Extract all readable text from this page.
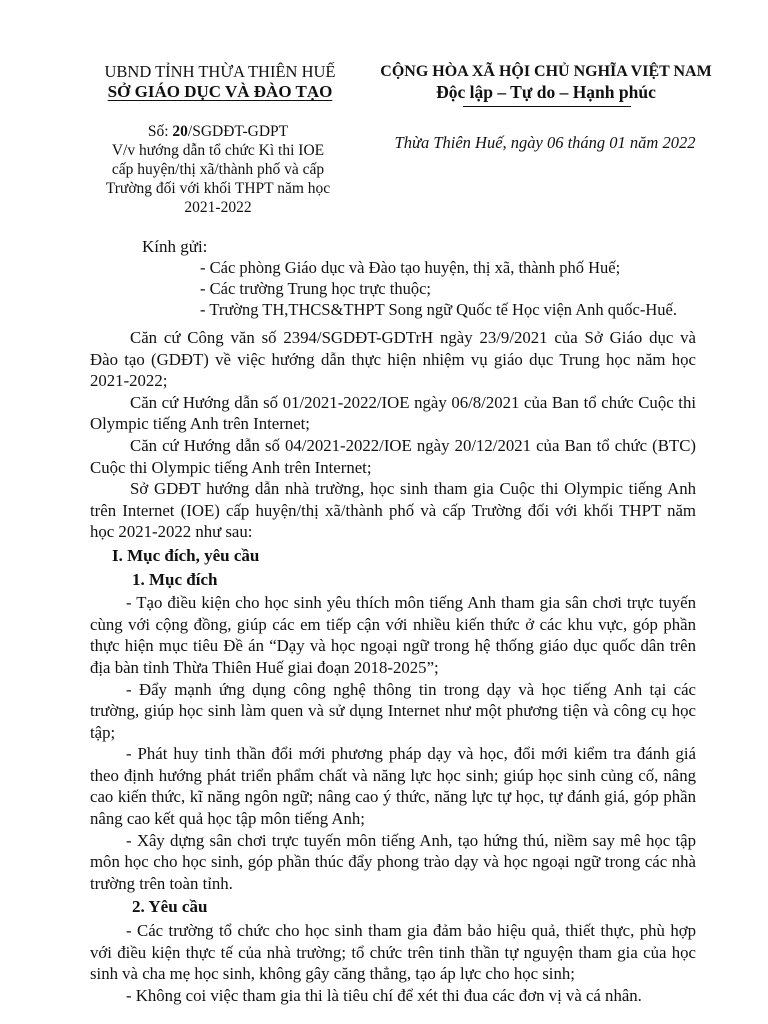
UBND TỈNH THỪA THIÊN HUẾ
SỞ GIÁO DỤC VÀ ĐÀO TẠO
CỘNG HÒA XÃ HỘI CHỦ NGHĨA VIỆT NAM
Độc lập – Tự do – Hạnh phúc
Số: 20/SGDĐT-GDPT
V/v hướng dẫn tổ chức Kì thi IOE
cấp huyện/thị xã/thành phố và cấp
Trường đối với khối THPT năm học
2021-2022
Thừa Thiên Huế, ngày 06 tháng 01 năm 2022
Kính gửi:
- Các phòng Giáo dục và Đào tạo huyện, thị xã, thành phố Huế;
- Các trường Trung học trực thuộc;
- Trường TH,THCS&THPT Song ngữ Quốc tế Học viện Anh quốc-Huế.

Căn cứ Công văn số 2394/SGDĐT-GDTrH ngày 23/9/2021 của Sở Giáo dục và Đào tạo (GDĐT) về việc hướng dẫn thực hiện nhiệm vụ giáo dục Trung học năm học 2021-2022;

Căn cứ Hướng dẫn số 01/2021-2022/IOE ngày 06/8/2021 của Ban tổ chức Cuộc thi Olympic tiếng Anh trên Internet;

Căn cứ Hướng dẫn số 04/2021-2022/IOE ngày 20/12/2021 của Ban tổ chức (BTC) Cuộc thi Olympic tiếng Anh trên Internet;

Sở GDĐT hướng dẫn nhà trường, học sinh tham gia Cuộc thi Olympic tiếng Anh trên Internet (IOE) cấp huyện/thị xã/thành phố và cấp Trường đối với khối THPT năm học 2021-2022 như sau:

I. Mục đích, yêu cầu
1. Mục đích

- Tạo điều kiện cho học sinh yêu thích môn tiếng Anh tham gia sân chơi trực tuyến cùng với cộng đồng, giúp các em tiếp cận với nhiều kiến thức ở các khu vực, góp phần thực hiện mục tiêu Đề án “Dạy và học ngoại ngữ trong hệ thống giáo dục quốc dân trên địa bàn tỉnh Thừa Thiên Huế giai đoạn 2018-2025”;

- Đẩy mạnh ứng dụng công nghệ thông tin trong dạy và học tiếng Anh tại các trường, giúp học sinh làm quen và sử dụng Internet như một phương tiện và công cụ học tập;

- Phát huy tinh thần đổi mới phương pháp dạy và học, đổi mới kiểm tra đánh giá theo định hướng phát triển phẩm chất và năng lực học sinh; giúp học sinh củng cố, nâng cao kiến thức, kĩ năng ngôn ngữ; nâng cao ý thức, năng lực tự học, tự đánh giá, góp phần nâng cao kết quả học tập môn tiếng Anh;

- Xây dựng sân chơi trực tuyến môn tiếng Anh, tạo hứng thú, niềm say mê học tập môn học cho học sinh, góp phần thúc đẩy phong trào dạy và học ngoại ngữ trong các nhà trường trên toàn tỉnh.

2. Yêu cầu

- Các trường tổ chức cho học sinh tham gia đảm bảo hiệu quả, thiết thực, phù hợp với điều kiện thực tế của nhà trường; tổ chức trên tinh thần tự nguyện tham gia của học sinh và cha mẹ học sinh, không gây căng thẳng, tạo áp lực cho học sinh;

- Không coi việc tham gia thi là tiêu chí để xét thi đua các đơn vị và cá nhân.
